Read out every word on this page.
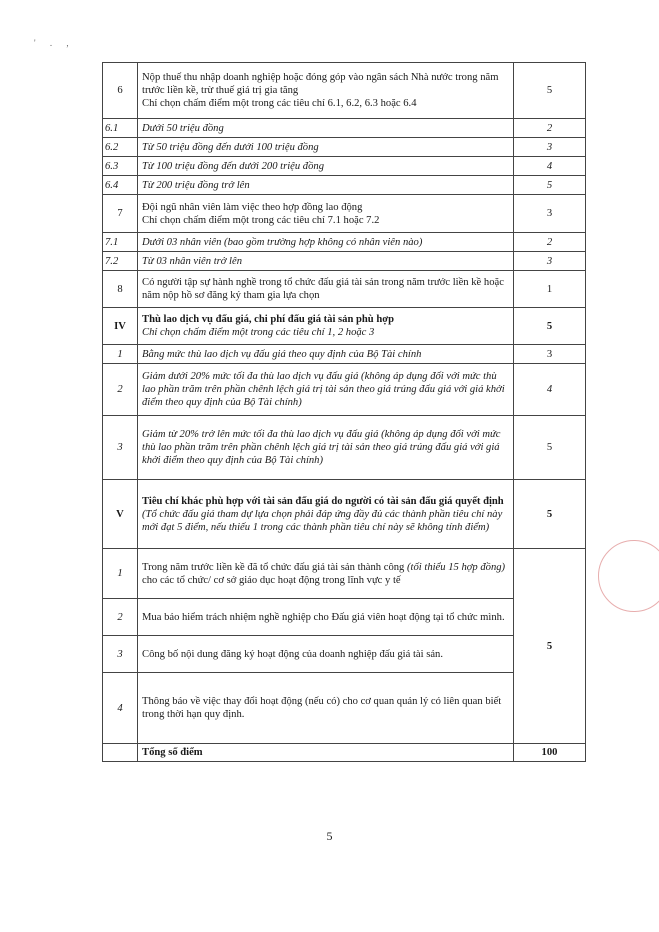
' . ,
6	Nộp thuế thu nhập doanh nghiệp hoặc đóng góp vào ngân sách Nhà nước trong năm trước liền kề, trừ thuế giá trị gia tăng
Chỉ chọn chấm điểm một trong các tiêu chí 6.1, 6.2, 6.3 hoặc 6.4	5
6.1	Dưới 50 triệu đồng	2
6.2	Từ 50 triệu đồng đến dưới 100 triệu đồng	3
6.3	Từ 100 triệu đồng đến dưới 200 triệu đồng	4
6.4	Từ 200 triệu đồng trở lên	5
7	Đội ngũ nhân viên làm việc theo hợp đồng lao động
Chỉ chọn chấm điểm một trong các tiêu chí 7.1 hoặc 7.2	3
7.1	Dưới 03 nhân viên (bao gồm trường hợp không có nhân viên nào)	2
7.2	Từ 03 nhân viên trở lên	3
8	Có người tập sự hành nghề trong tổ chức đấu giá tài sản trong năm trước liền kề hoặc năm nộp hồ sơ đăng ký tham gia lựa chọn	1
IV	Thù lao dịch vụ đấu giá, chi phí đấu giá tài sản phù hợp
Chỉ chọn chấm điểm một trong các tiêu chí 1, 2 hoặc 3	5
1	Bằng mức thù lao dịch vụ đấu giá theo quy định của Bộ Tài chính	3
2	Giảm dưới 20% mức tối đa thù lao dịch vụ đấu giá (không áp dụng đối với mức thù lao phần trăm trên phần chênh lệch giá trị tài sản theo giá trúng đấu giá với giá khởi điểm theo quy định của Bộ Tài chính)	4
3	Giảm từ 20% trở lên mức tối đa thù lao dịch vụ đấu giá (không áp dụng đối với mức thù lao phần trăm trên phần chênh lệch giá trị tài sản theo giá trúng đấu giá với giá khởi điểm theo quy định của Bộ Tài chính)	5
V	Tiêu chí khác phù hợp với tài sản đấu giá do người có tài sản đấu giá quyết định (Tổ chức đấu giá tham dự lựa chọn phải đáp ứng đầy đủ các thành phần tiêu chí này mới đạt 5 điểm, nếu thiếu 1 trong các thành phần tiêu chí này sẽ không tính điểm)	5
1	Trong năm trước liền kề đã tổ chức đấu giá tài sản thành công (tối thiểu 15 hợp đồng) cho các tổ chức/ cơ sở giáo dục hoạt động trong lĩnh vực y tế	5
2	Mua bảo hiểm trách nhiệm nghề nghiệp cho Đấu giá viên hoạt động tại tổ chức mình.	
3	Công bố nội dung đăng ký hoạt động của doanh nghiệp đấu giá tài sản.	
4	Thông báo về việc thay đổi hoạt động (nếu có) cho cơ quan quản lý có liên quan biết trong thời hạn quy định.	
	Tổng số điểm	100
5
